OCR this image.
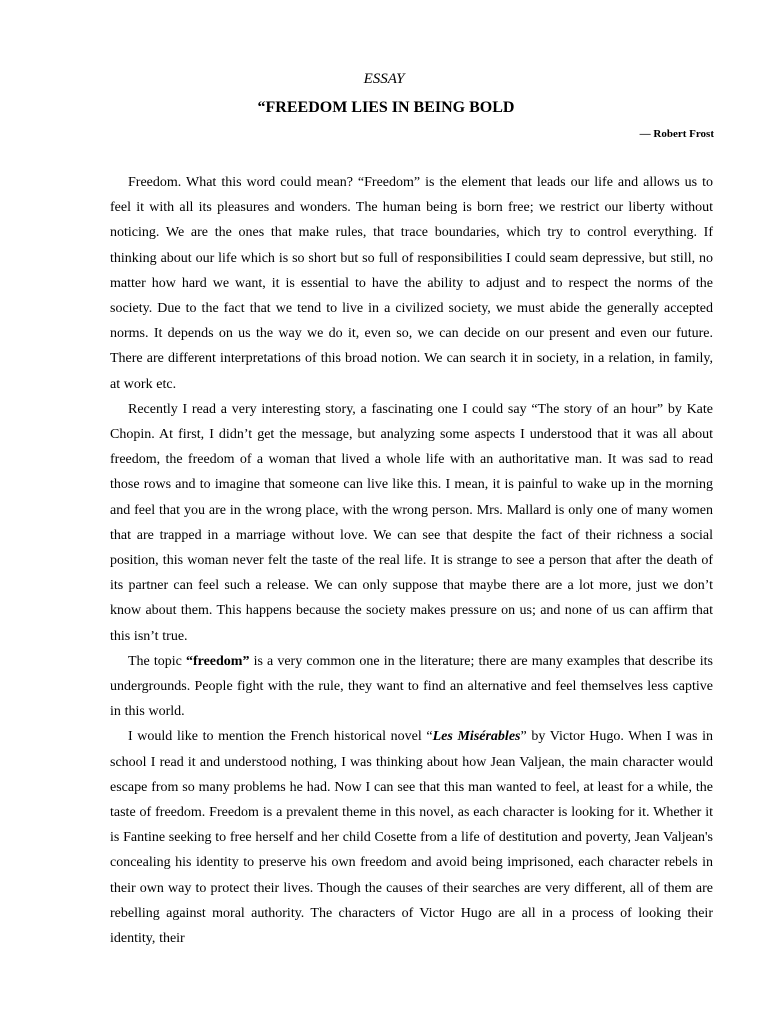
ESSAY
“FREEDOM LIES IN BEING BOLD
— Robert Frost

Freedom. What this word could mean? “Freedom” is the element that leads our life and allows us to feel it with all its pleasures and wonders. The human being is born free; we restrict our liberty without noticing. We are the ones that make rules, that trace boundaries, which try to control everything. If thinking about our life which is so short but so full of responsibilities I could seam depressive, but still, no matter how hard we want, it is essential to have the ability to adjust and to respect the norms of the society. Due to the fact that we tend to live in a civilized society, we must abide the generally accepted norms. It depends on us the way we do it, even so, we can decide on our present and even our future. There are different interpretations of this broad notion. We can search it in society, in a relation, in family, at work etc.

Recently I read a very interesting story, a fascinating one I could say “The story of an hour” by Kate Chopin. At first, I didn’t get the message, but analyzing some aspects I understood that it was all about freedom, the freedom of a woman that lived a whole life with an authoritative man. It was sad to read those rows and to imagine that someone can live like this. I mean, it is painful to wake up in the morning and feel that you are in the wrong place, with the wrong person. Mrs. Mallard is only one of many women that are trapped in a marriage without love. We can see that despite the fact of their richness a social position, this woman never felt the taste of the real life. It is strange to see a person that after the death of its partner can feel such a release. We can only suppose that maybe there are a lot more, just we don’t know about them. This happens because the society makes pressure on us; and none of us can affirm that this isn’t true.

The topic “freedom” is a very common one in the literature; there are many examples that describe its undergrounds. People fight with the rule, they want to find an alternative and feel themselves less captive in this world.

I would like to mention the French historical novel “Les Misérables” by Victor Hugo. When I was in school I read it and understood nothing, I was thinking about how Jean Valjean, the main character would escape from so many problems he had. Now I can see that this man wanted to feel, at least for a while, the taste of freedom. Freedom is a prevalent theme in this novel, as each character is looking for it. Whether it is Fantine seeking to free herself and her child Cosette from a life of destitution and poverty, Jean Valjean's concealing his identity to preserve his own freedom and avoid being imprisoned, each character rebels in their own way to protect their lives. Though the causes of their searches are very different, all of them are rebelling against moral authority. The characters of Victor Hugo are all in a process of looking their identity, their
